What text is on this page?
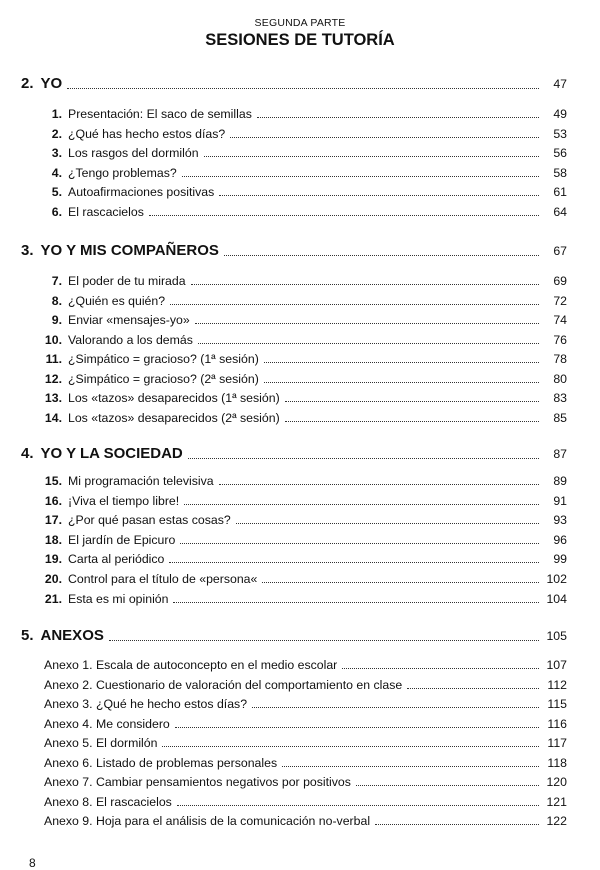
SEGUNDA PARTE
SESIONES DE TUTORÍA
2. YO	47
1. Presentación: El saco de semillas	49
2. ¿Qué has hecho estos días?	53
3. Los rasgos del dormilón	56
4. ¿Tengo problemas?	58
5. Autoafirmaciones positivas	61
6. El rascacielos	64
3. YO Y MIS COMPAÑEROS	67
7. El poder de tu mirada	69
8. ¿Quién es quién?	72
9. Enviar «mensajes-yo»	74
10. Valorando a los demás	76
11. ¿Simpático = gracioso? (1ª sesión)	78
12. ¿Simpático = gracioso? (2ª sesión)	80
13. Los «tazos» desaparecidos (1ª sesión)	83
14. Los «tazos» desaparecidos (2ª sesión)	85
4. YO Y LA SOCIEDAD	87
15. Mi programación televisiva	89
16. ¡Viva el tiempo libre!	91
17. ¿Por qué pasan estas cosas?	93
18. El jardín de Epicuro	96
19. Carta al periódico	99
20. Control para el título de «persona«	102
21. Esta es mi opinión	104
5. ANEXOS	105
Anexo 1. Escala de autoconcepto en el medio escolar	107
Anexo 2. Cuestionario de valoración del comportamiento en clase	112
Anexo 3. ¿Qué he hecho estos días?	115
Anexo 4. Me considero	116
Anexo 5. El dormilón	117
Anexo 6. Listado de problemas personales	118
Anexo 7. Cambiar pensamientos negativos por positivos	120
Anexo 8. El rascacielos	121
Anexo 9. Hoja para el análisis de la comunicación no-verbal	122
8
